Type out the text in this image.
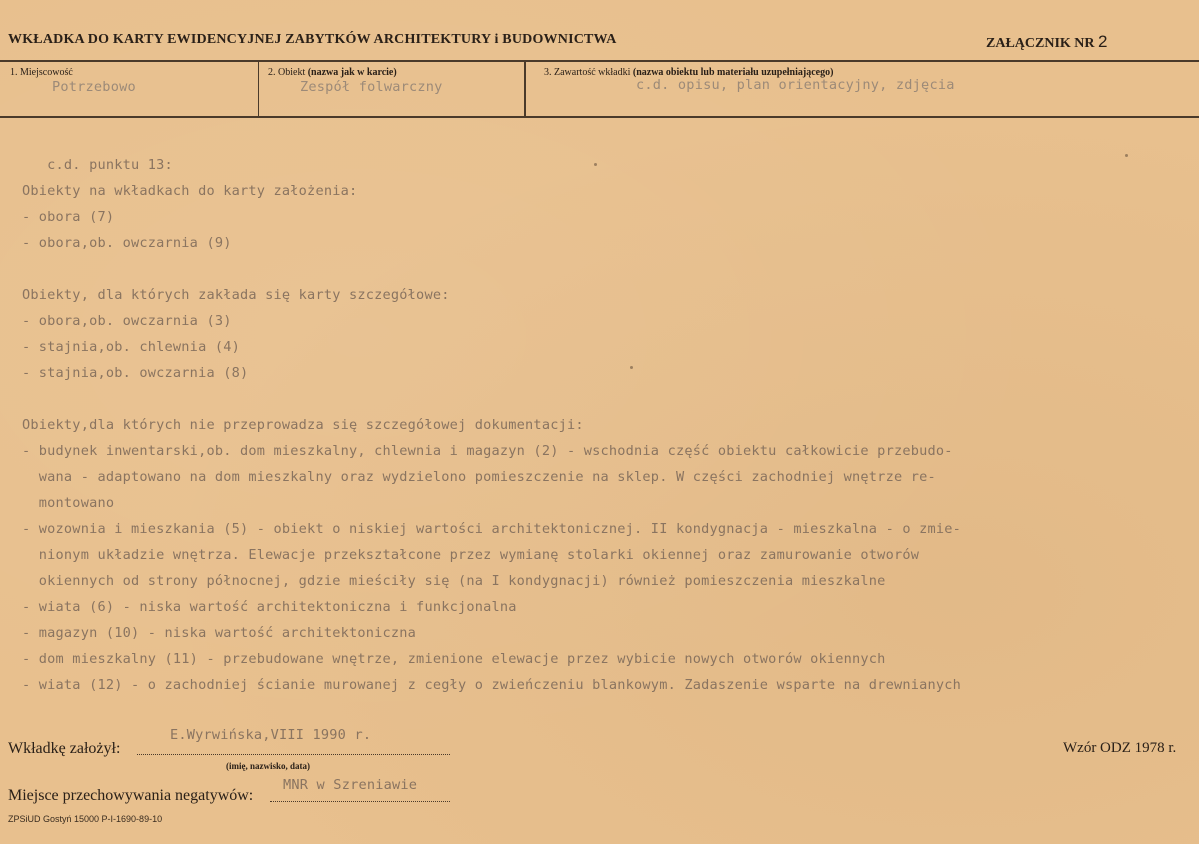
WKŁADKA DO KARTY EWIDENCYJNEJ ZABYTKÓW ARCHITEKTURY i BUDOWNICTWA	ZAŁĄCZNIK NR 2
1. Miejscowość
Potrzebowo
2. Obiekt (nazwa jak w karcie)
Zespół folwarczny
3. Zawartość wkładki (nazwa obiektu lub materiału uzupełniającego)
c.d. opisu, plan orientacyjny, zdjęcia
c.d. punktu 13:
Obiekty na wkładkach do karty założenia:
- obora (7)
- obora,ob. owczarnia (9)
Obiekty, dla których zakłada się karty szczegółowe:
- obora,ob. owczarnia (3)
- stajnia,ob. chlewnia (4)
- stajnia,ob. owczarnia (8)
Obiekty,dla których nie przeprowadza się szczegółowej dokumentacji:
- budynek inwentarski,ob. dom mieszkalny, chlewnia i magazyn (2) - wschodnia część obiektu całkowicie przebudo-
wana - adaptowano na dom mieszkalny oraz wydzielono pomieszczenie na sklep. W części zachodniej wnętrze re-
montowano
- wozownia i mieszkania (5) - obiekt o niskiej wartości architektonicznej. II kondygnacja - mieszkalna - o zmie-
nionym układzie wnętrza. Elewacje przekształcone przez wymianę stolarki okiennej oraz zamurowanie otworów
okiennych od strony północnej, gdzie mieściły się (na I kondygnacji) również pomieszczenia mieszkalne
- wiata (6) - niska wartość architektoniczna i funkcjonalna
- magazyn (10) - niska wartość architektoniczna
- dom mieszkalny (11) - przebudowane wnętrze, zmienione elewacje przez wybicie nowych otworów okiennych
- wiata (12) - o zachodniej ścianie murowanej z cegły o zwieńczeniu blankowym. Zadaszenie wsparte na drewnianych
Wkładkę założył:
E.Wyrwińska,VIII 1990 r.
(imię, nazwisko, data)
Miejsce przechowywania negatywów:
MNR w Szreniawie
Wzór ODZ 1978 r.
ZPSiUD Gostyń 15000 P-I-1690-89-10
